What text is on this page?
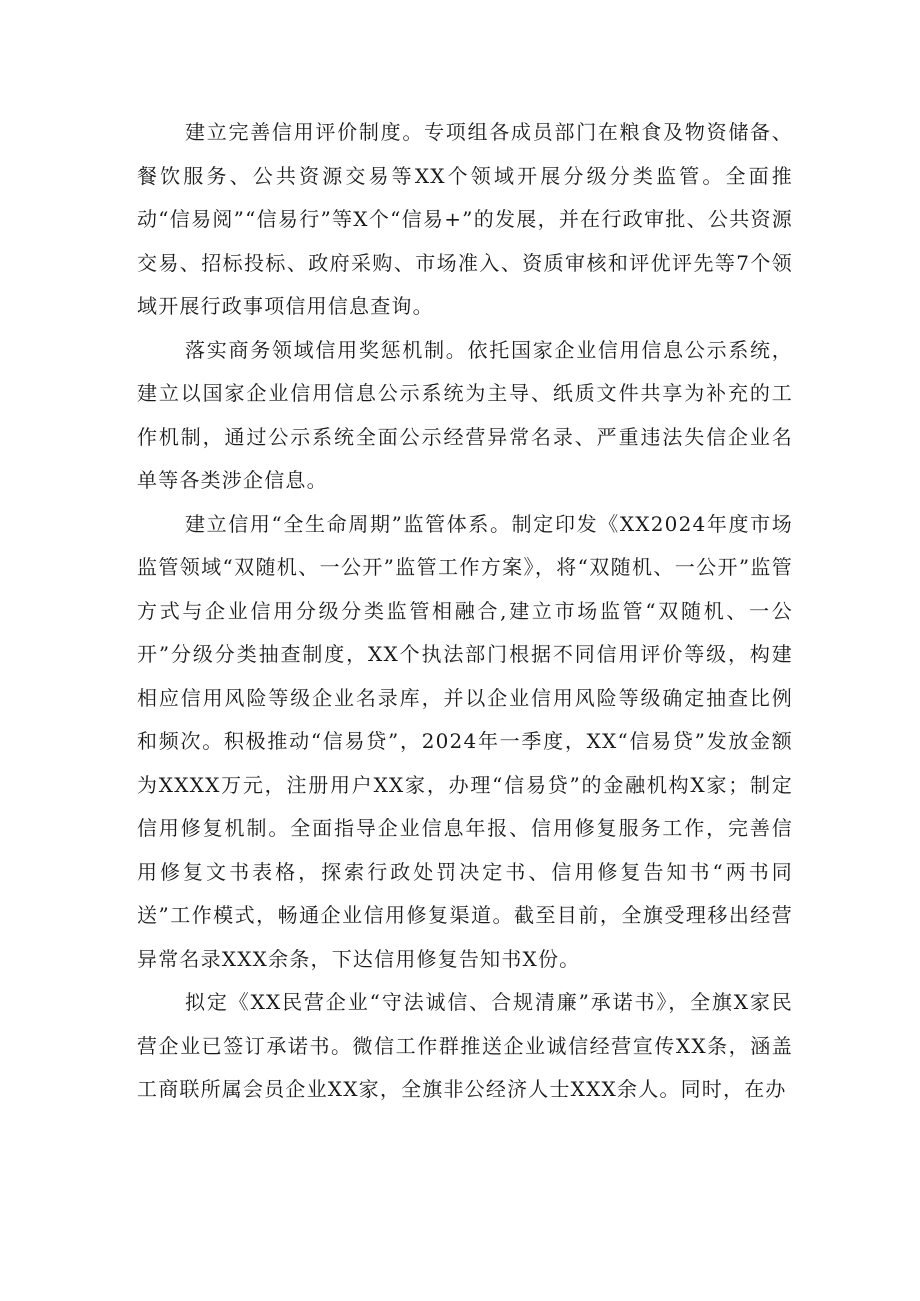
建立完善信用评价制度。专项组各成员部门在粮食及物资储备、餐饮服务、公共资源交易等XX个领域开展分级分类监管。全面推动“信易阅”“信易行”等X个“信易+”的发展，并在行政审批、公共资源交易、招标投标、政府采购、市场准入、资质审核和评优评先等7个领域开展行政事项信用信息查询。

落实商务领域信用奖惩机制。依托国家企业信用信息公示系统，建立以国家企业信用信息公示系统为主导、纸质文件共享为补充的工作机制，通过公示系统全面公示经营异常名录、严重违法失信企业名单等各类涉企信息。

建立信用“全生命周期”监管体系。制定印发《XX2024年度市场监管领域“双随机、一公开”监管工作方案》，将“双随机、一公开”监管方式与企业信用分级分类监管相融合,建立市场监管“双随机、一公开”分级分类抽查制度，XX个执法部门根据不同信用评价等级，构建相应信用风险等级企业名录库，并以企业信用风险等级确定抽查比例和频次。积极推动“信易贷”，2024年一季度，XX“信易贷”发放金额为XXXX万元，注册用户XX家，办理“信易贷”的金融机构X家；制定信用修复机制。全面指导企业信息年报、信用修复服务工作，完善信用修复文书表格，探索行政处罚决定书、信用修复告知书“两书同送”工作模式，畅通企业信用修复渠道。截至目前，全旗受理移出经营异常名录XXX余条，下达信用修复告知书X份。

拟定《XX民营企业“守法诚信、合规清廉”承诺书》，全旗X家民营企业已签订承诺书。微信工作群推送企业诚信经营宣传XX条，涵盖工商联所属会员企业XX家，全旗非公经济人士XXX余人。同时，在办
